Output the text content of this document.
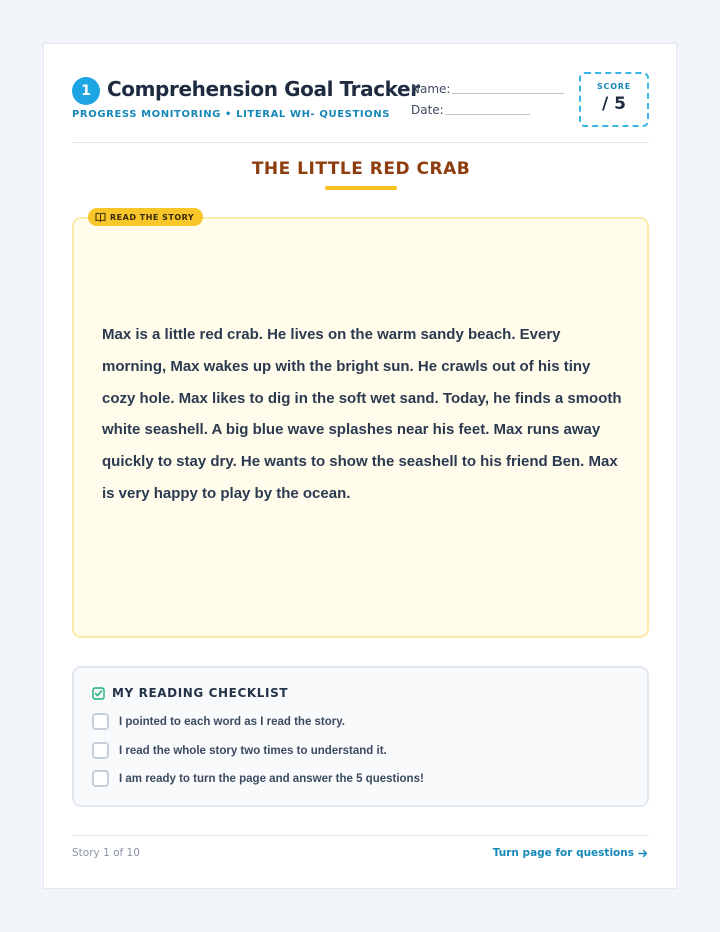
1 Comprehension Goal Tracker
PROGRESS MONITORING • LITERAL WH- QUESTIONS
Name:
Date:
SCORE
/ 5
THE LITTLE RED CRAB
Max is a little red crab. He lives on the warm sandy beach. Every morning, Max wakes up with the bright sun. He crawls out of his tiny cozy hole. Max likes to dig in the soft wet sand. Today, he finds a smooth white seashell. A big blue wave splashes near his feet. Max runs away quickly to stay dry. He wants to show the seashell to his friend Ben. Max is very happy to play by the ocean.
READ THE STORY
MY READING CHECKLIST
I pointed to each word as I read the story.
I read the whole story two times to understand it.
I am ready to turn the page and answer the 5 questions!
Story 1 of 10	Turn page for questions
